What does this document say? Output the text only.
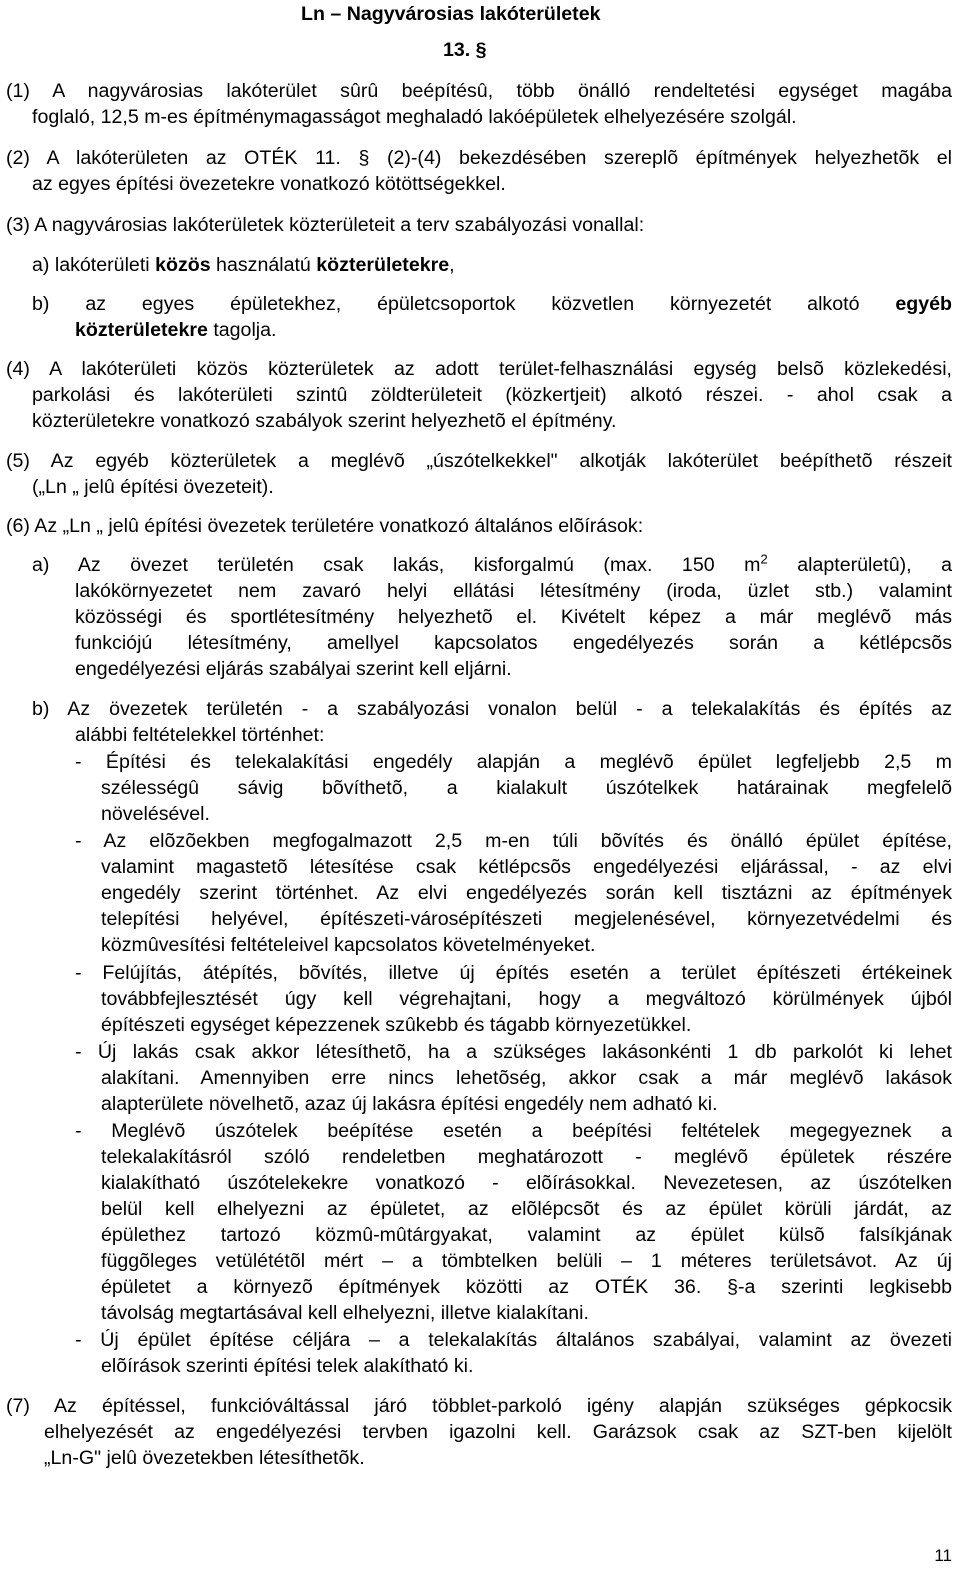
Ln – Nagyvárosias lakóterületek
13. §
(1) A nagyvárosias lakóterület sûrû beépítésû, több önálló rendeltetési egységet magába
foglaló, 12,5 m-es építménymagasságot meghaladó lakóépületek elhelyezésére szolgál.
(2) A lakóterületen az OTÉK 11. § (2)-(4) bekezdésében szereplõ építmények helyezhetõk el
az egyes építési övezetekre vonatkozó kötöttségekkel.
(3) A nagyvárosias lakóterületek közterületeit a terv szabályozási vonallal:
a) lakóterületi közös használatú közterületekre,
b) az egyes épületekhez, épületcsoportok közvetlen környezetét alkotó egyéb
közterületekre tagolja.
(4) A lakóterületi közös közterületek az adott terület-felhasználási egység belsõ közlekedési,
parkolási és lakóterületi szintû zöldterületeit (közkertjeit) alkotó részei. - ahol csak a
közterületekre vonatkozó szabályok szerint helyezhetõ el építmény.
(5) Az egyéb közterületek a meglévõ „úszótelkekkel" alkotják lakóterület beépíthetõ részeit
(„Ln „ jelû építési övezeteit).
(6) Az „Ln „ jelû építési övezetek területére vonatkozó általános elõírások:
a) Az övezet területén csak lakás, kisforgalmú (max. 150 $m^2$ alapterületû), a
lakókörnyezetet nem zavaró helyi ellátási létesítmény (iroda, üzlet stb.) valamint
közösségi és sportlétesítmény helyezhetõ el. Kivételt képez a már meglévõ más
funkciójú létesítmény, amellyel kapcsolatos engedélyezés során a kétlépcsõs
engedélyezési eljárás szabályai szerint kell eljárni.
b) Az övezetek területén - a szabályozási vonalon belül - a telekalakítás és építés az
alábbi feltételekkel történhet:
- Építési és telekalakítási engedély alapján a meglévõ épület legfeljebb 2,5 m
szélességû sávig bõvíthetõ, a kialakult úszótelkek határainak megfelelõ
növelésével.
- Az elõzõekben megfogalmazott 2,5 m-en túli bõvítés és önálló épület építése,
valamint magastetõ létesítése csak kétlépcsõs engedélyezési eljárással, - az elvi
engedély szerint történhet. Az elvi engedélyezés során kell tisztázni az építmények
telepítési helyével, építészeti-városépítészeti megjelenésével, környezetvédelmi és
közmûvesítési feltételeivel kapcsolatos követelményeket.
- Felújítás, átépítés, bõvítés, illetve új építés esetén a terület építészeti értékeinek
továbbfejlesztését úgy kell végrehajtani, hogy a megváltozó körülmények újból
építészeti egységet képezzenek szûkebb és tágabb környezetükkel.
- Új lakás csak akkor létesíthetõ, ha a szükséges lakásonkénti 1 db parkolót ki lehet
alakítani. Amennyiben erre nincs lehetõség, akkor csak a már meglévõ lakások
alapterülete növelhetõ, azaz új lakásra építési engedély nem adható ki.
- Meglévõ úszótelek beépítése esetén a beépítési feltételek megegyeznek a
telekalakításról szóló rendeletben meghatározott - meglévõ épületek részére
kialakítható úszótelekekre vonatkozó - elõírásokkal. Nevezetesen, az úszótelken
belül kell elhelyezni az épületet, az elõlépcsõt és az épület körüli járdát, az
épülethez tartozó közmû-mûtárgyakat, valamint az épület külsõ falsíkjának
függõleges vetülététõl mért – a tömbtelken belüli – 1 méteres területsávot. Az új
épületet a környezõ építmények közötti az OTÉK 36. §-a szerinti legkisebb
távolság megtartásával kell elhelyezni, illetve kialakítani.
- Új épület építése céljára – a telekalakítás általános szabályai, valamint az övezeti
elõírások szerinti építési telek alakítható ki.
(7) Az építéssel, funkcióváltással járó többlet-parkoló igény alapján szükséges gépkocsik
elhelyezését az engedélyezési tervben igazolni kell. Garázsok csak az SZT-ben kijelölt
„Ln-G" jelû övezetekben létesíthetõk.
11
